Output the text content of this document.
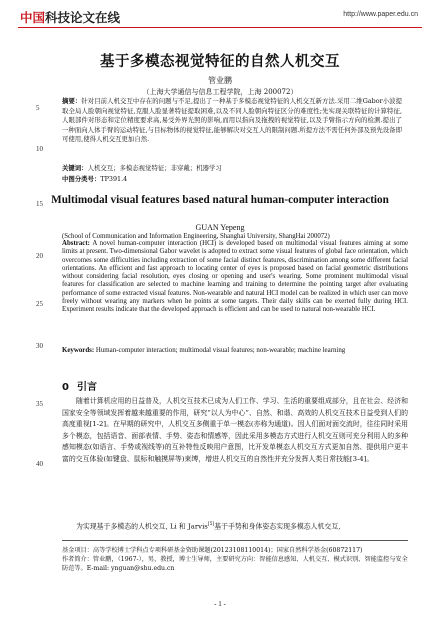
中国科技论文在线	http://www.paper.edu.cn
基于多模态视觉特征的自然人机交互
管业鹏
（上海大学通信与信息工程学院，上海 200072）
摘要：针对目前人机交互中存在的问题与不足,提出了一种基于多模态视觉特征的人机交互新方法.采用二维Gabor小波提取全局人脸朝向视觉特征,克服人脸显著特征提取困难,以及不同人脸朝向特征区分的难度性;先实现关联特征的计算特征,人眼部件对形态和定位精度要求高,易受外界光照的影响,而用以指向及拖拽的视觉特征,以及手臂指示方向的检测.提出了一种面向人体手臂的运动特征,与目标物体的视觉特征,能够解决对交互人的限制问题.所提方法不需任何外部及预先设备即可使用,使得人机交互更加自然.
关键词：人机交互；多模态视觉特征；非穿戴；机器学习
中图分类号：TP391.4
5
10
15
20
25
30
35
40
Multimodal visual features based natural human-computer interaction
GUAN Yepeng
(School of Communication and Information Engineering, Shanghai University, ShangHai 200072)
Abstract: A novel human-computer interaction (HCI) is developed based on multimodal visual features aiming at some limits at present. Two-dimensional Gabor wavelet is adopted to extract some visual features of global face orientation, which overcomes some difficulties including extraction of some facial distinct features, discrimination among some different facial orientations. An efficient and fast approach to locating center of eyes is proposed based on facial geometric distributions without considering facial resolution, eyes closing or opening and user's wearing. Some prominent multimodal visual features for classification are selected to machine learning and training to determine the pointing target after evaluating performance of some extracted visual features. Non-wearable and natural HCI model can be realized in which user can move freely without wearing any markers when he points at some targets. Their daily skills can be exerted fully during HCI. Experiment results indicate that the developed approach is efficient and can be used to natural non-wearable HCI.
Keywords: Human-computer interaction; multimodal visual features; non-wearable; machine learning
0 引言
随着计算机应用的日益普及，人机交互技术已成为人们工作、学习、生活的重要组成部分，且在社会、经济和国家安全等领域发挥着越来越重要的作用，研究“以人为中心”、自然、和谐、高效的人机交互技术日益受到人们的高度重视[1-2]。在早期的研究中，人机交互多侧重于单一模态(亦称为通道)。因人们面对面交流时，往往同时采用多个模态，包括语音、面部表情、手势、姿态和情感等，因此采用多模态方式进行人机交互则可充分利用人的多种感知模态(如语言、手势或视线等)的互补特性反映用户意图，比开发单模态人机交互方式更加自然、提供用户更丰富的交互体验(如键盘、鼠标和触摸屏等)束缚，增进人机交互的自然性并充分发挥人类日常技能[3-4]。
为实现基于多模态的人机交互, Li 和 Jarvis[5]基于手势和身体姿态实现多模态人机交互,
基金项目：高等学校博士学科点专项科研基金资助课题(20123108110014)；国家自然科学基金(60872117)
作者简介：管业鹏，（1967-），男，教授，博士生导师，主要研究方向：智能信息感知、人机交互、模式识别、智能监控与安全防范等。E-mail: ynguan@shu.edu.cn
- 1 -
